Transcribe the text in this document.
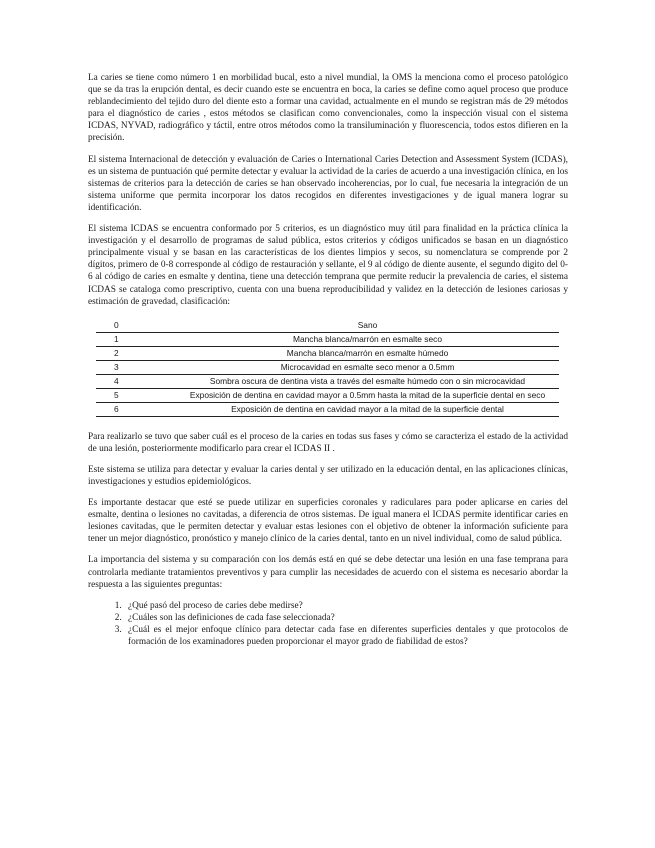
La caries se tiene como número 1 en morbilidad bucal, esto a nivel mundial, la OMS la menciona como el proceso patológico que se da tras la erupción dental, es decir cuando este se encuentra en boca, la caries se define como aquel proceso que produce reblandecimiento del tejido duro del diente esto a formar una cavidad, actualmente en el mundo se registran más de 29 métodos para el diagnóstico de caries , estos métodos se clasifican como convencionales, como la inspección visual con el sistema ICDAS, NYVAD, radiográfico y táctil, entre otros métodos como la transiluminación y fluorescencia, todos estos difieren en la precisión.

El sistema Internacional de detección y evaluación de Caries o International Caries Detection and Assessment System (ICDAS), es un sistema de puntuación qué permite detectar y evaluar la actividad de la caries de acuerdo a una investigación clínica, en los sistemas de criterios para la detección de caries se han observado incoherencias, por lo cual, fue necesaria la integración de un sistema uniforme que permita incorporar los datos recogidos en diferentes investigaciones y de igual manera lograr su identificación.

El sistema ICDAS se encuentra conformado por 5 criterios, es un diagnóstico muy útil para finalidad en la práctica clínica la investigación y el desarrollo de programas de salud pública, estos criterios y códigos unificados se basan en un diagnóstico principalmente visual y se basan en las características de los dientes limpios y secos, su nomenclatura se comprende por 2 dígitos, primero de 0-8 corresponde al código de restauración y sellante, el 9 al código de diente ausente, el segundo digito del 0-6 al código de caries en esmalte y dentina, tiene una detección temprana que permite reducir la prevalencia de caries, el sistema ICDAS se cataloga como prescriptivo, cuenta con una buena reproducibilidad y validez en la detección de lesiones cariosas y estimación de gravedad, clasificación:

0	Sano
1	Mancha blanca/marrón en esmalte seco
2	Mancha blanca/marrón en esmalte húmedo
3	Microcavidad en esmalte seco menor a 0.5mm
4	Sombra oscura de dentina vista a través del esmalte húmedo con o sin microcavidad
5	Exposición de dentina en cavidad mayor a 0.5mm hasta la mitad de la superficie dental en seco
6	Exposición de dentina en cavidad mayor a la mitad de la superficie dental

Para realizarlo se tuvo que saber cuál es el proceso de la caries en todas sus fases y cómo se caracteriza el estado de la actividad de una lesión, posteriormente modificarlo para crear el ICDAS II .

Este sistema se utiliza para detectar y evaluar la caries dental y ser utilizado en la educación dental, en las aplicaciones clínicas, investigaciones y estudios epidemiológicos.

Es importante destacar que esté se puede utilizar en superficies coronales y radiculares para poder aplicarse en caries del esmalte, dentina o lesiones no cavitadas, a diferencia de otros sistemas. De igual manera el ICDAS permite identificar caries en lesiones cavitadas, que le permiten detectar y evaluar estas lesiones con el objetivo de obtener la información suficiente para tener un mejor diagnóstico, pronóstico y manejo clínico de la caries dental, tanto en un nivel individual, como de salud pública.

La importancia del sistema y su comparación con los demás está en qué se debe detectar una lesión en una fase temprana para controlarla mediante tratamientos preventivos y para cumplir las necesidades de acuerdo con el sistema es necesario abordar la respuesta a las siguientes preguntas:

1. ¿Qué pasó del proceso de caries debe medirse?
2. ¿Cuáles son las definiciones de cada fase seleccionada?
3. ¿Cuál es el mejor enfoque clínico para detectar cada fase en diferentes superficies dentales y que protocolos de formación de los examinadores pueden proporcionar el mayor grado de fiabilidad de estos?
